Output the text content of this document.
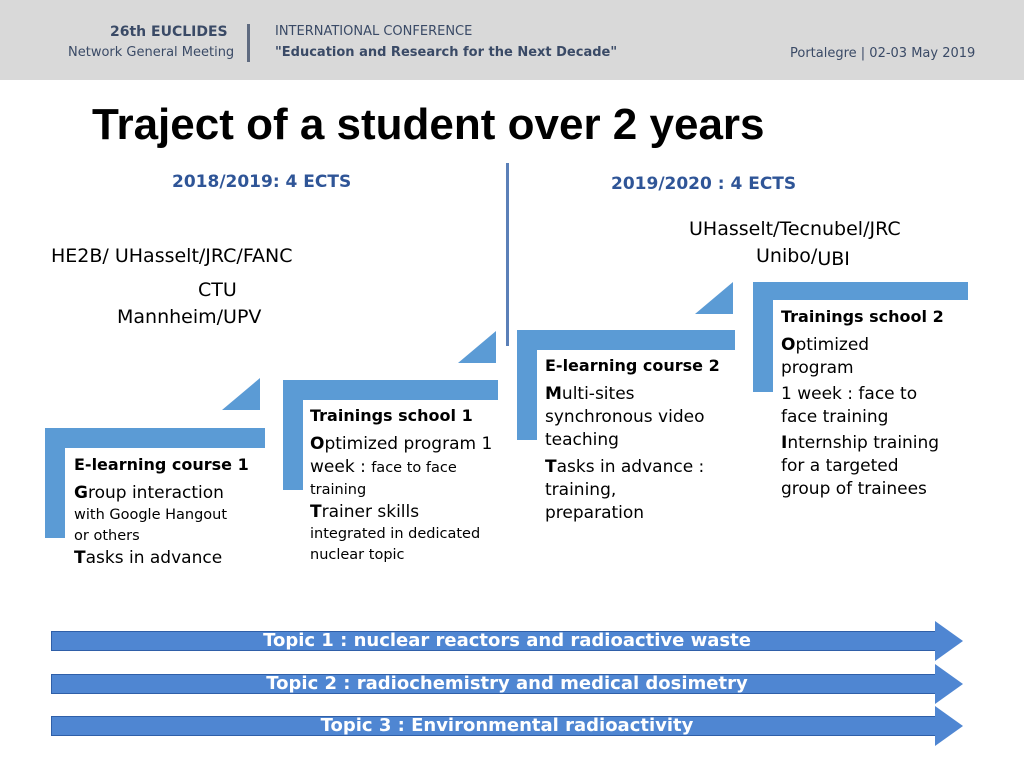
26th EUCLIDES
Network General Meeting
INTERNATIONAL CONFERENCE
"Education and Research for the Next Decade"	Portalegre | 02-03 May 2019
Traject of a student over 2 years
2018/2019: 4 ECTS	2019/2020 : 4 ECTS
HE2B/ UHasselt/JRC/FANC
CTU
Mannheim/UPV
UHasselt/Tecnubel/JRC
Unibo/UBI
E-learning course 1
Group interaction
with Google Hangout
or others
Tasks in advance
Trainings school 1
Optimized program 1
week : face to face
training
Trainer skills
integrated in dedicated
nuclear topic
E-learning course 2
Multi-sites
synchronous video
teaching
Tasks in advance :
training,
preparation
Trainings school 2
Optimized
program
1 week : face to
face training
Internship training
for a targeted
group of trainees
Topic 1 : nuclear reactors and radioactive waste
Topic 2 : radiochemistry and medical dosimetry
Topic 3 : Environmental radioactivity
